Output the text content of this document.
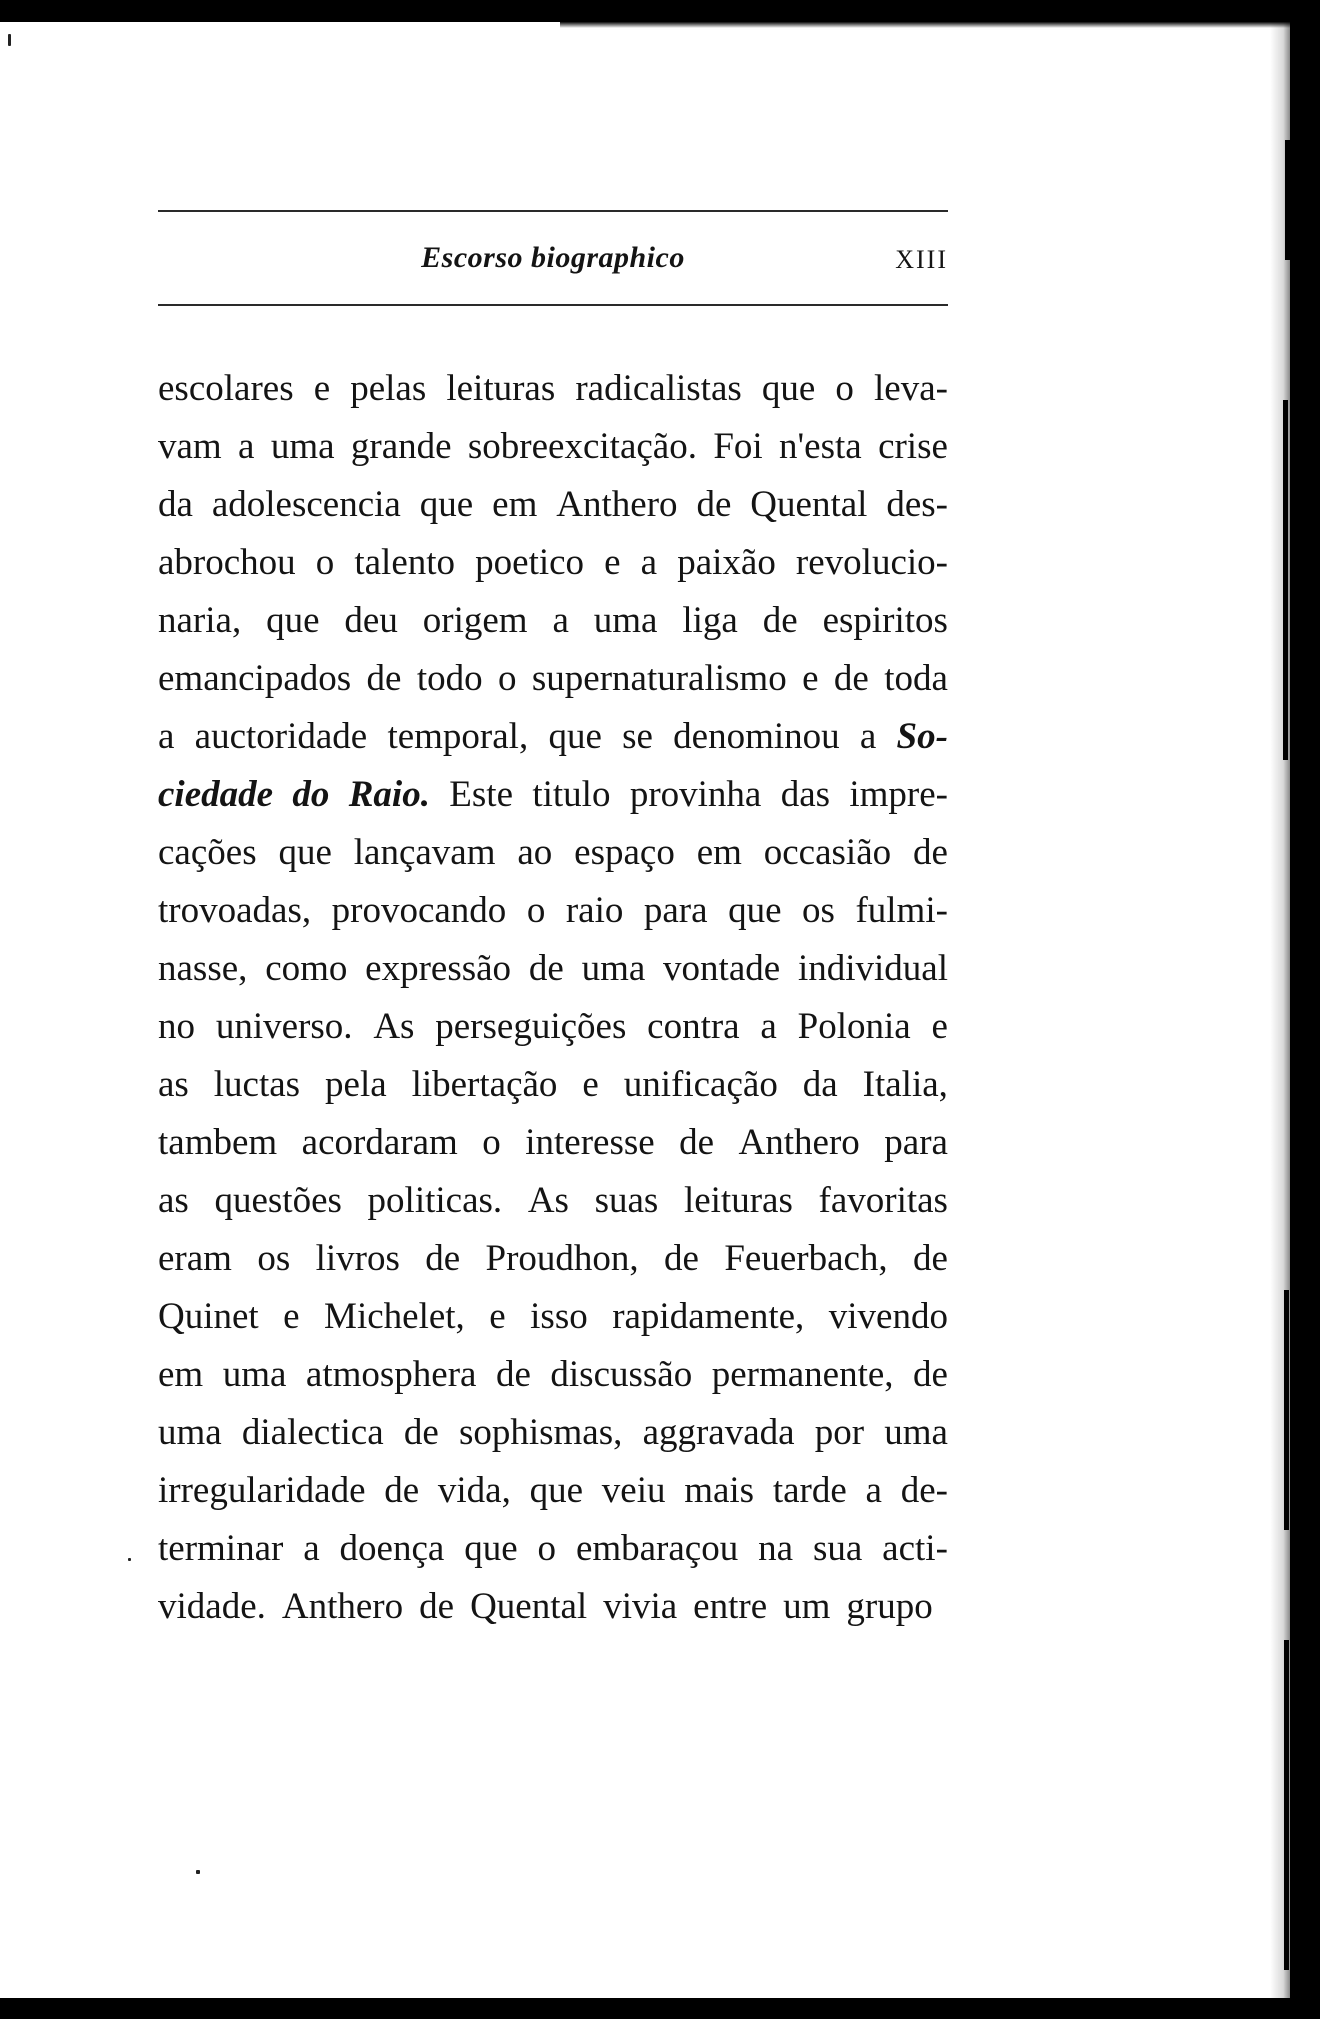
Escorso biographico	XIII
escolares e pelas leituras radicalistas que o leva-
vam a uma grande sobreexcitação. Foi n'esta crise
da adolescencia que em Anthero de Quental des-
abrochou o talento poetico e a paixão revolucio-
naria, que deu origem a uma liga de espiritos
emancipados de todo o supernaturalismo e de toda
a auctoridade temporal, que se denominou a So-
ciedade do Raio. Este titulo provinha das impre-
cações que lançavam ao espaço em occasião de
trovoadas, provocando o raio para que os fulmi-
nasse, como expressão de uma vontade individual
no universo. As perseguições contra a Polonia e
as luctas pela libertação e unificação da Italia,
tambem acordaram o interesse de Anthero para
as questões politicas. As suas leituras favoritas
eram os livros de Proudhon, de Feuerbach, de
Quinet e Michelet, e isso rapidamente, vivendo
em uma atmosphera de discussão permanente, de
uma dialectica de sophismas, aggravada por uma
irregularidade de vida, que veiu mais tarde a de-
terminar a doença que o embaraçou na sua acti-
vidade. Anthero de Quental vivia entre um grupo
